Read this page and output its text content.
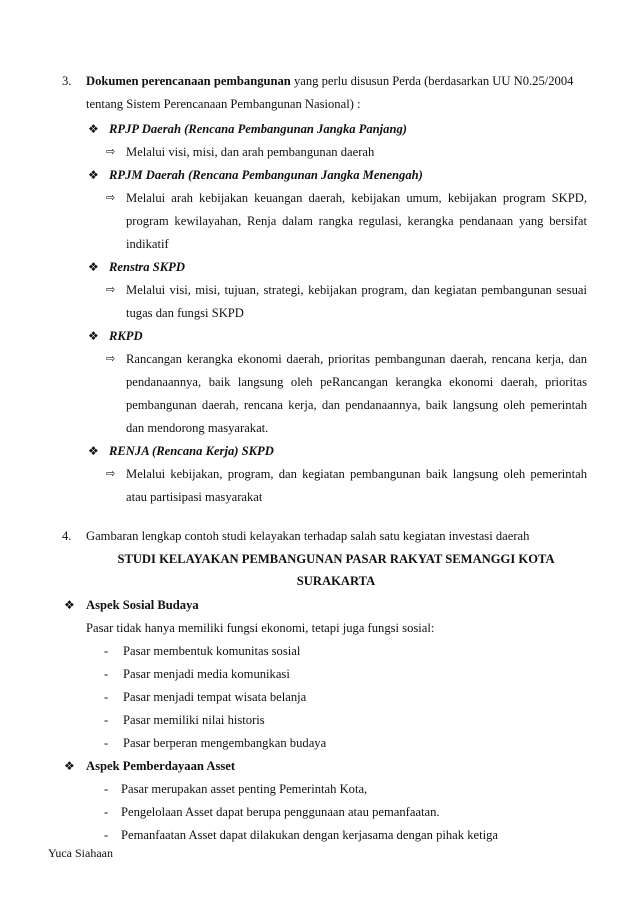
3. Dokumen perencanaan pembangunan yang perlu disusun Perda (berdasarkan UU N0.25/2004
tentang Sistem Perencanaan Pembangunan Nasional) :
❖ RPJP Daerah (Rencana Pembangunan Jangka Panjang)
⇨ Melalui visi, misi, dan arah pembangunan daerah
❖ RPJM Daerah (Rencana Pembangunan Jangka Menengah)
⇨ Melalui arah kebijakan keuangan daerah, kebijakan umum, kebijakan program SKPD,
program kewilayahan, Renja dalam rangka regulasi, kerangka pendanaan yang bersifat
indikatif
❖ Renstra SKPD
⇨ Melalui visi, misi, tujuan, strategi, kebijakan program, dan kegiatan pembangunan sesuai
tugas dan fungsi SKPD
❖ RKPD
⇨ Rancangan kerangka ekonomi daerah, prioritas pembangunan daerah, rencana kerja, dan
pendanaannya, baik langsung oleh peRancangan kerangka ekonomi daerah, prioritas
pembangunan daerah, rencana kerja, dan pendanaannya, baik langsung oleh pemerintah
dan mendorong masyarakat.
❖ RENJA (Rencana Kerja) SKPD
⇨ Melalui kebijakan, program, dan kegiatan pembangunan baik langsung oleh pemerintah
atau partisipasi masyarakat
4. Gambaran lengkap contoh studi kelayakan terhadap salah satu kegiatan investasi daerah
STUDI KELAYAKAN PEMBANGUNAN PASAR RAKYAT SEMANGGI KOTA
SURAKARTA
❖ Aspek Sosial Budaya
Pasar tidak hanya memiliki fungsi ekonomi, tetapi juga fungsi sosial:
- Pasar membentuk komunitas sosial
- Pasar menjadi media komunikasi
- Pasar menjadi tempat wisata belanja
- Pasar memiliki nilai historis
- Pasar berperan mengembangkan budaya
❖ Aspek Pemberdayaan Asset
- Pasar merupakan asset penting Pemerintah Kota,
- Pengelolaan Asset dapat berupa penggunaan atau pemanfaatan.
- Pemanfaatan Asset dapat dilakukan dengan kerjasama dengan pihak ketiga
Yuca Siahaan
